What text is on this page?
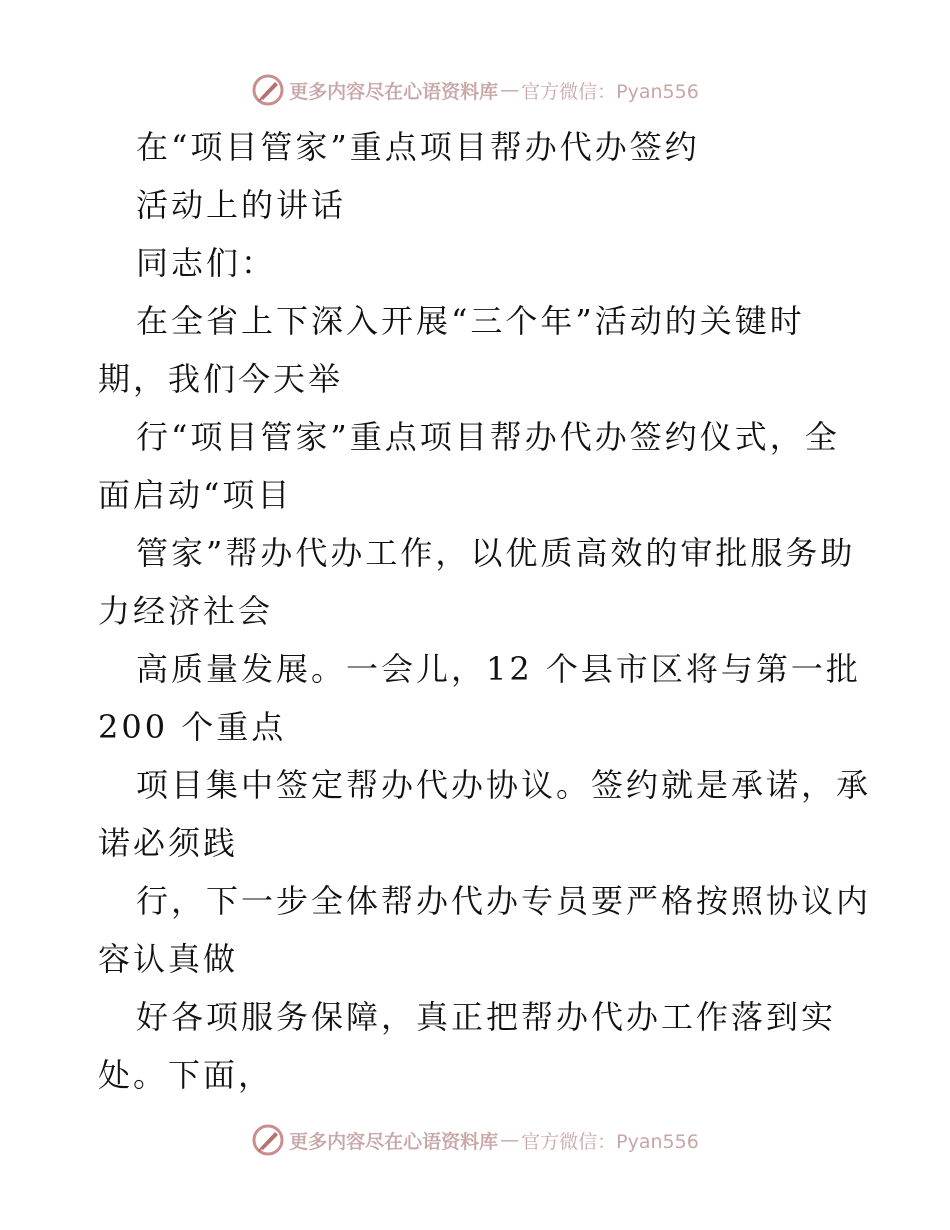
更多内容尽在心语资料库 — 官方微信：Pyan556
在“项目管家”重点项目帮办代办签约
活动上的讲话
同志们：
在全省上下深入开展“三个年”活动的关键时
期，我们今天举
行“项目管家”重点项目帮办代办签约仪式，全
面启动“项目
管家”帮办代办工作，以优质高效的审批服务助
力经济社会
高质量发展。一会儿，12 个县市区将与第一批
200 个重点
项目集中签定帮办代办协议。签约就是承诺，承
诺必须践
行，下一步全体帮办代办专员要严格按照协议内
容认真做
好各项服务保障，真正把帮办代办工作落到实
处。下面，
更多内容尽在心语资料库 — 官方微信：Pyan556
